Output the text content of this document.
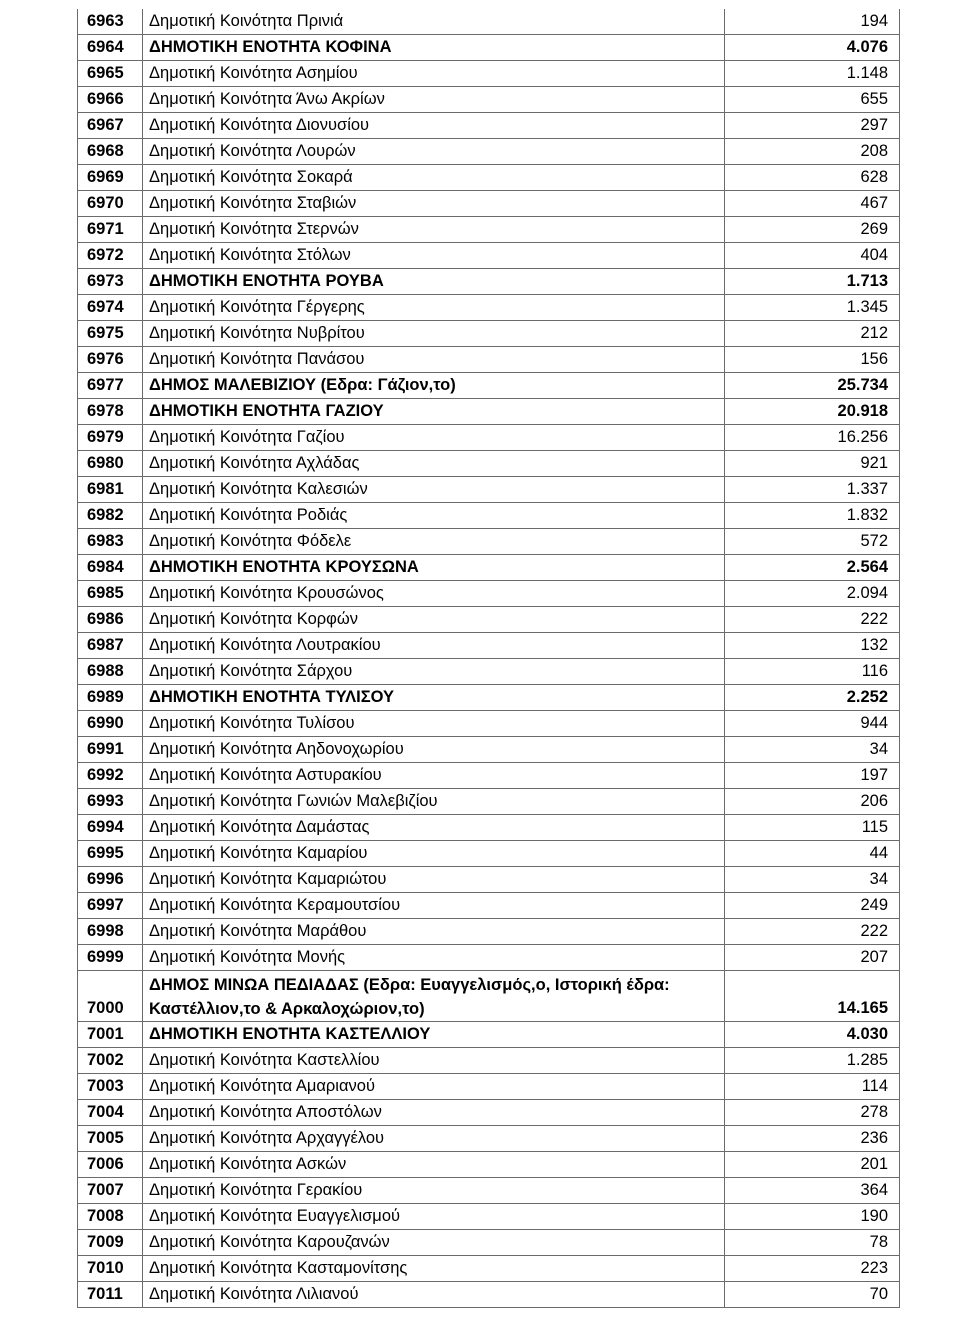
6963	Δημοτική Κοινότητα Πρινιά	194
6964	ΔΗΜΟΤΙΚΗ ΕΝΟΤΗΤΑ ΚΟΦΙΝΑ	4.076
6965	Δημοτική Κοινότητα Ασημίου	1.148
6966	Δημοτική Κοινότητα Άνω Ακρίων	655
6967	Δημοτική Κοινότητα Διονυσίου	297
6968	Δημοτική Κοινότητα Λουρών	208
6969	Δημοτική Κοινότητα Σοκαρά	628
6970	Δημοτική Κοινότητα Σταβιών	467
6971	Δημοτική Κοινότητα Στερνών	269
6972	Δημοτική Κοινότητα Στόλων	404
6973	ΔΗΜΟΤΙΚΗ ΕΝΟΤΗΤΑ ΡΟΥΒΑ	1.713
6974	Δημοτική Κοινότητα Γέργερης	1.345
6975	Δημοτική Κοινότητα Νυβρίτου	212
6976	Δημοτική Κοινότητα Πανάσου	156
6977	ΔΗΜΟΣ ΜΑΛΕΒΙΖΙΟΥ (Εδρα: Γάζιον,το)	25.734
6978	ΔΗΜΟΤΙΚΗ ΕΝΟΤΗΤΑ ΓΑΖΙΟΥ	20.918
6979	Δημοτική Κοινότητα Γαζίου	16.256
6980	Δημοτική Κοινότητα Αχλάδας	921
6981	Δημοτική Κοινότητα Καλεσιών	1.337
6982	Δημοτική Κοινότητα Ροδιάς	1.832
6983	Δημοτική Κοινότητα Φόδελε	572
6984	ΔΗΜΟΤΙΚΗ ΕΝΟΤΗΤΑ ΚΡΟΥΣΩΝΑ	2.564
6985	Δημοτική Κοινότητα Κρουσώνος	2.094
6986	Δημοτική Κοινότητα Κορφών	222
6987	Δημοτική Κοινότητα Λουτρακίου	132
6988	Δημοτική Κοινότητα Σάρχου	116
6989	ΔΗΜΟΤΙΚΗ ΕΝΟΤΗΤΑ ΤΥΛΙΣΟΥ	2.252
6990	Δημοτική Κοινότητα Τυλίσου	944
6991	Δημοτική Κοινότητα Αηδονοχωρίου	34
6992	Δημοτική Κοινότητα Αστυρακίου	197
6993	Δημοτική Κοινότητα Γωνιών Μαλεβιζίου	206
6994	Δημοτική Κοινότητα Δαμάστας	115
6995	Δημοτική Κοινότητα Καμαρίου	44
6996	Δημοτική Κοινότητα Καμαριώτου	34
6997	Δημοτική Κοινότητα Κεραμουτσίου	249
6998	Δημοτική Κοινότητα Μαράθου	222
6999	Δημοτική Κοινότητα Μονής	207
7000	ΔΗΜΟΣ ΜΙΝΩΑ ΠΕΔΙΑΔΑΣ (Εδρα: Ευαγγελισμός,ο, Ιστορική έδρα: Καστέλλιον,το & Αρκαλοχώριον,το)	14.165
7001	ΔΗΜΟΤΙΚΗ ΕΝΟΤΗΤΑ ΚΑΣΤΕΛΛΙΟΥ	4.030
7002	Δημοτική Κοινότητα Καστελλίου	1.285
7003	Δημοτική Κοινότητα Αμαριανού	114
7004	Δημοτική Κοινότητα Αποστόλων	278
7005	Δημοτική Κοινότητα Αρχαγγέλου	236
7006	Δημοτική Κοινότητα Ασκών	201
7007	Δημοτική Κοινότητα Γερακίου	364
7008	Δημοτική Κοινότητα Ευαγγελισμού	190
7009	Δημοτική Κοινότητα Καρουζανών	78
7010	Δημοτική Κοινότητα Κασταμονίτσης	223
7011	Δημοτική Κοινότητα Λιλιανού	70
